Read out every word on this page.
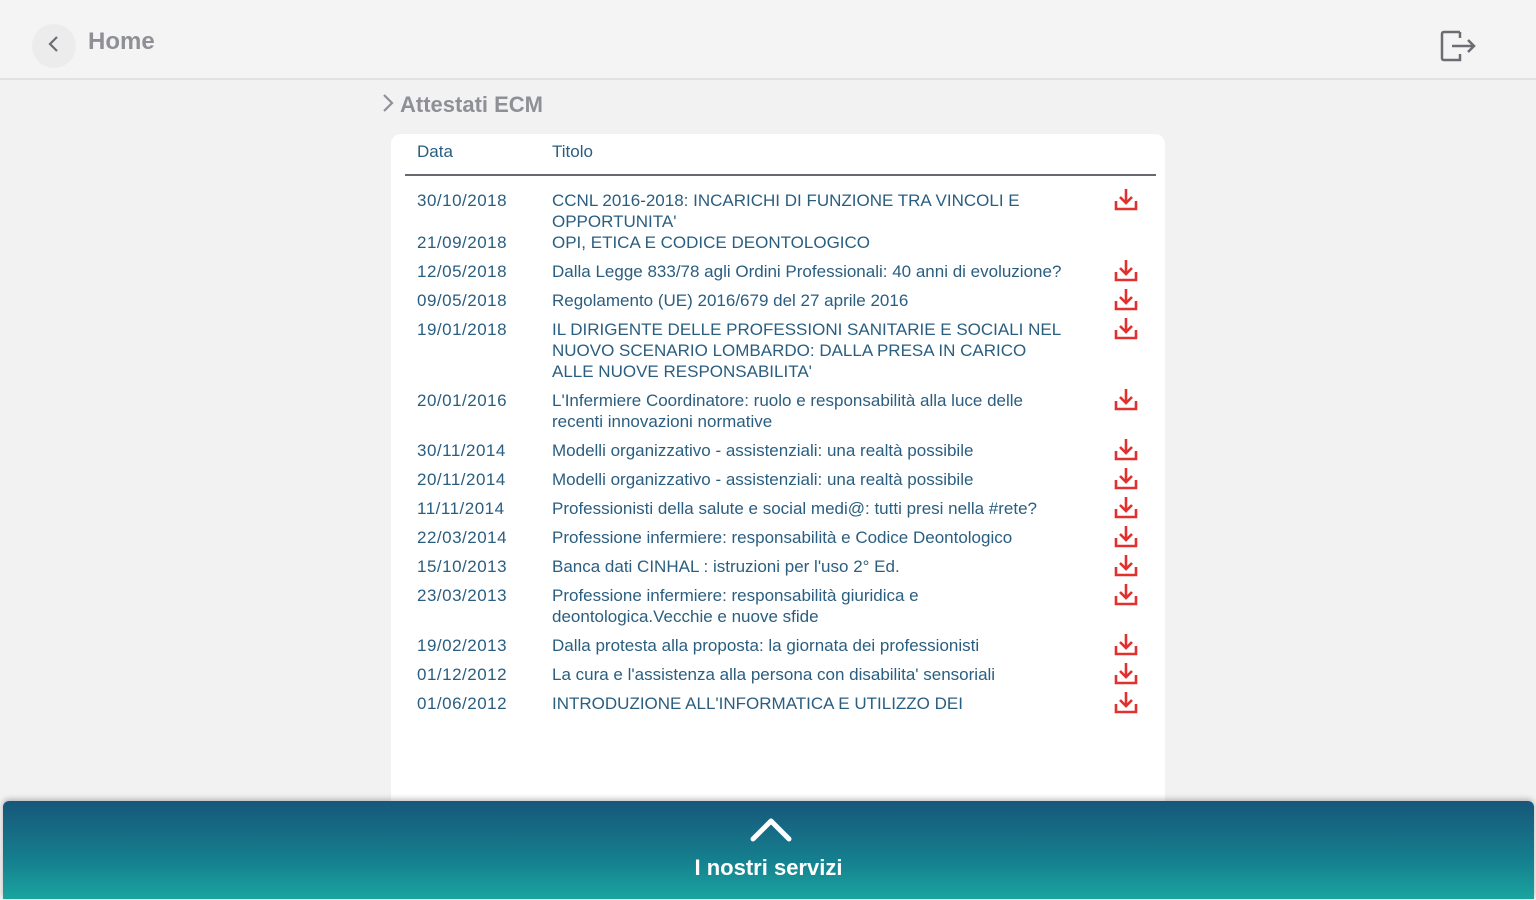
Home
Attestati ECM
Data	Titolo
30/10/2018	CCNL 2016-2018: INCARICHI DI FUNZIONE TRA VINCOLI E OPPORTUNITA'
21/09/2018	OPI, ETICA E CODICE DEONTOLOGICO
12/05/2018	Dalla Legge 833/78 agli Ordini Professionali: 40 anni di evoluzione?
09/05/2018	Regolamento (UE) 2016/679 del 27 aprile 2016
19/01/2018	IL DIRIGENTE DELLE PROFESSIONI SANITARIE E SOCIALI NEL NUOVO SCENARIO LOMBARDO: DALLA PRESA IN CARICO ALLE NUOVE RESPONSABILITA'
20/01/2016	L'Infermiere Coordinatore: ruolo e responsabilità alla luce delle recenti innovazioni normative
30/11/2014	Modelli organizzativo - assistenziali: una realtà possibile
20/11/2014	Modelli organizzativo - assistenziali: una realtà possibile
11/11/2014	Professionisti della salute e social medi@: tutti presi nella #rete?
22/03/2014	Professione infermiere: responsabilità e Codice Deontologico
15/10/2013	Banca dati CINHAL : istruzioni per l'uso 2° Ed.
23/03/2013	Professione infermiere: responsabilità giuridica e deontologica.Vecchie e nuove sfide
19/02/2013	Dalla protesta alla proposta: la giornata dei professionisti
01/12/2012	La cura e l'assistenza alla persona con disabilita' sensoriali
01/06/2012	INTRODUZIONE ALL'INFORMATICA E UTILIZZO DEI
I nostri servizi
